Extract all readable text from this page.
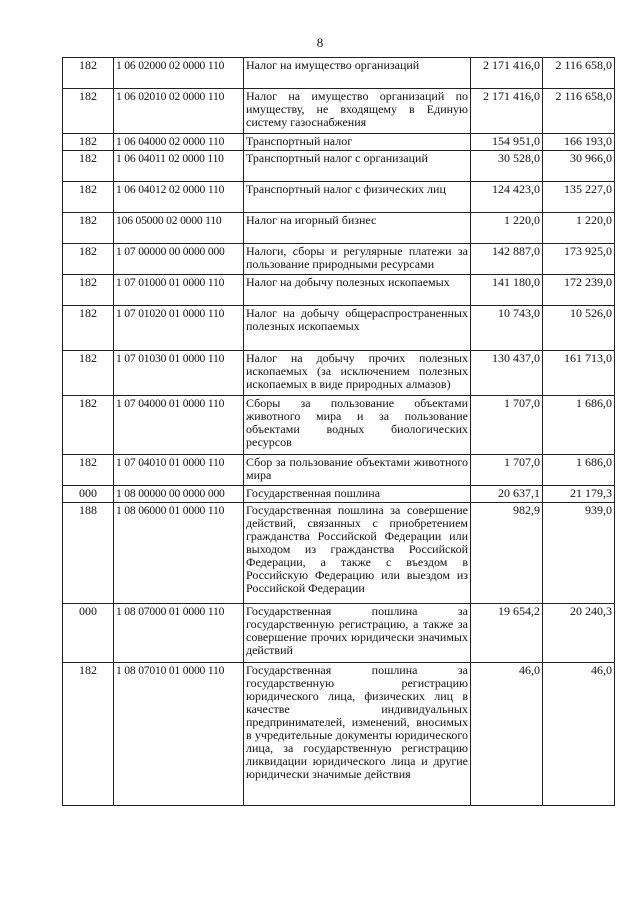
8
182	1 06 02000 02 0000 110	Налог на имущество организаций	2 171 416,0	2 116 658,0
182	1 06 02010 02 0000 110	Налог на имущество организаций по имуществу, не входящему в Единую систему газоснабжения	2 171 416,0	2 116 658,0
182	1 06 04000 02 0000 110	Транспортный налог	154 951,0	166 193,0
182	1 06 04011 02 0000 110	Транспортный налог с организаций	30 528,0	30 966,0
182	1 06 04012 02 0000 110	Транспортный налог с физических лиц	124 423,0	135 227,0
182	106 05000 02 0000 110	Налог на игорный бизнес	1 220,0	1 220,0
182	1 07 00000 00 0000 000	Налоги, сборы и регулярные платежи за пользование природными ресурсами	142 887,0	173 925,0
182	1 07 01000 01 0000 110	Налог на добычу полезных ископаемых	141 180,0	172 239,0
182	1 07 01020 01 0000 110	Налог на добычу общераспространенных полезных ископаемых	10 743,0	10 526,0
182	1 07 01030 01 0000 110	Налог на добычу прочих полезных ископаемых (за исключением полезных ископаемых в виде природных алмазов)	130 437,0	161 713,0
182	1 07 04000 01 0000 110	Сборы за пользование объектами животного мира и за пользование объектами водных биологических ресурсов	1 707,0	1 686,0
182	1 07 04010 01 0000 110	Сбор за пользование объектами животного мира	1 707,0	1 686,0
000	1 08 00000 00 0000 000	Государственная пошлина	20 637,1	21 179,3
188	1 08 06000 01 0000 110	Государственная пошлина за совершение действий, связанных с приобретением гражданства Российской Федерации или выходом из гражданства Российской Федерации, а также с въездом в Российскую Федерацию или выездом из Российской Федерации	982,9	939,0
000	1 08 07000 01 0000 110	Государственная пошлина за государственную регистрацию, а также за совершение прочих юридически значимых действий	19 654,2	20 240,3
182	1 08 07010 01 0000 110	Государственная пошлина за государственную регистрацию юридического лица, физических лиц в качестве индивидуальных предпринимателей, изменений, вносимых в учредительные документы юридического лица, за государственную регистрацию ликвидации юридического лица и другие юридически значимые действия	46,0	46,0
